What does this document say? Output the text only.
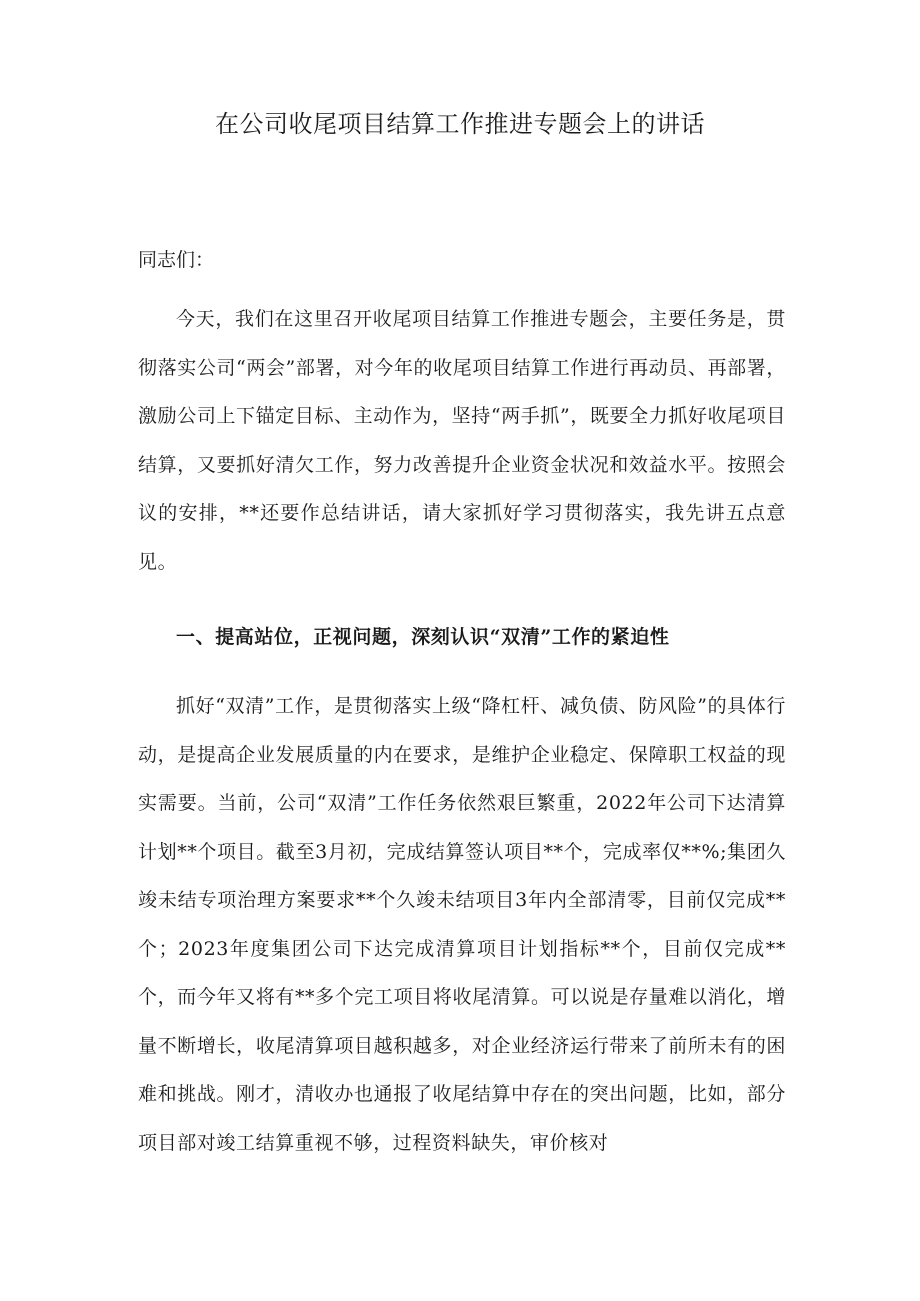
在公司收尾项目结算工作推进专题会上的讲话

同志们：

今天，我们在这里召开收尾项目结算工作推进专题会，主要任务是，贯彻落实公司“两会”部署，对今年的收尾项目结算工作进行再动员、再部署，激励公司上下锚定目标、主动作为，坚持“两手抓”，既要全力抓好收尾项目结算，又要抓好清欠工作，努力改善提升企业资金状况和效益水平。按照会议的安排，**还要作总结讲话，请大家抓好学习贯彻落实，我先讲五点意见。

一、提高站位，正视问题，深刻认识“双清”工作的紧迫性

抓好“双清”工作，是贯彻落实上级“降杠杆、减负债、防风险”的具体行动，是提高企业发展质量的内在要求，是维护企业稳定、保障职工权益的现实需要。当前，公司“双清”工作任务依然艰巨繁重，2022年公司下达清算计划**个项目。截至3月初，完成结算签认项目**个，完成率仅**%;集团久竣未结专项治理方案要求**个久竣未结项目3年内全部清零，目前仅完成**个；2023年度集团公司下达完成清算项目计划指标**个，目前仅完成**个，而今年又将有**多个完工项目将收尾清算。可以说是存量难以消化，增量不断增长，收尾清算项目越积越多，对企业经济运行带来了前所未有的困难和挑战。刚才，清收办也通报了收尾结算中存在的突出问题，比如，部分项目部对竣工结算重视不够，过程资料缺失，审价核对
